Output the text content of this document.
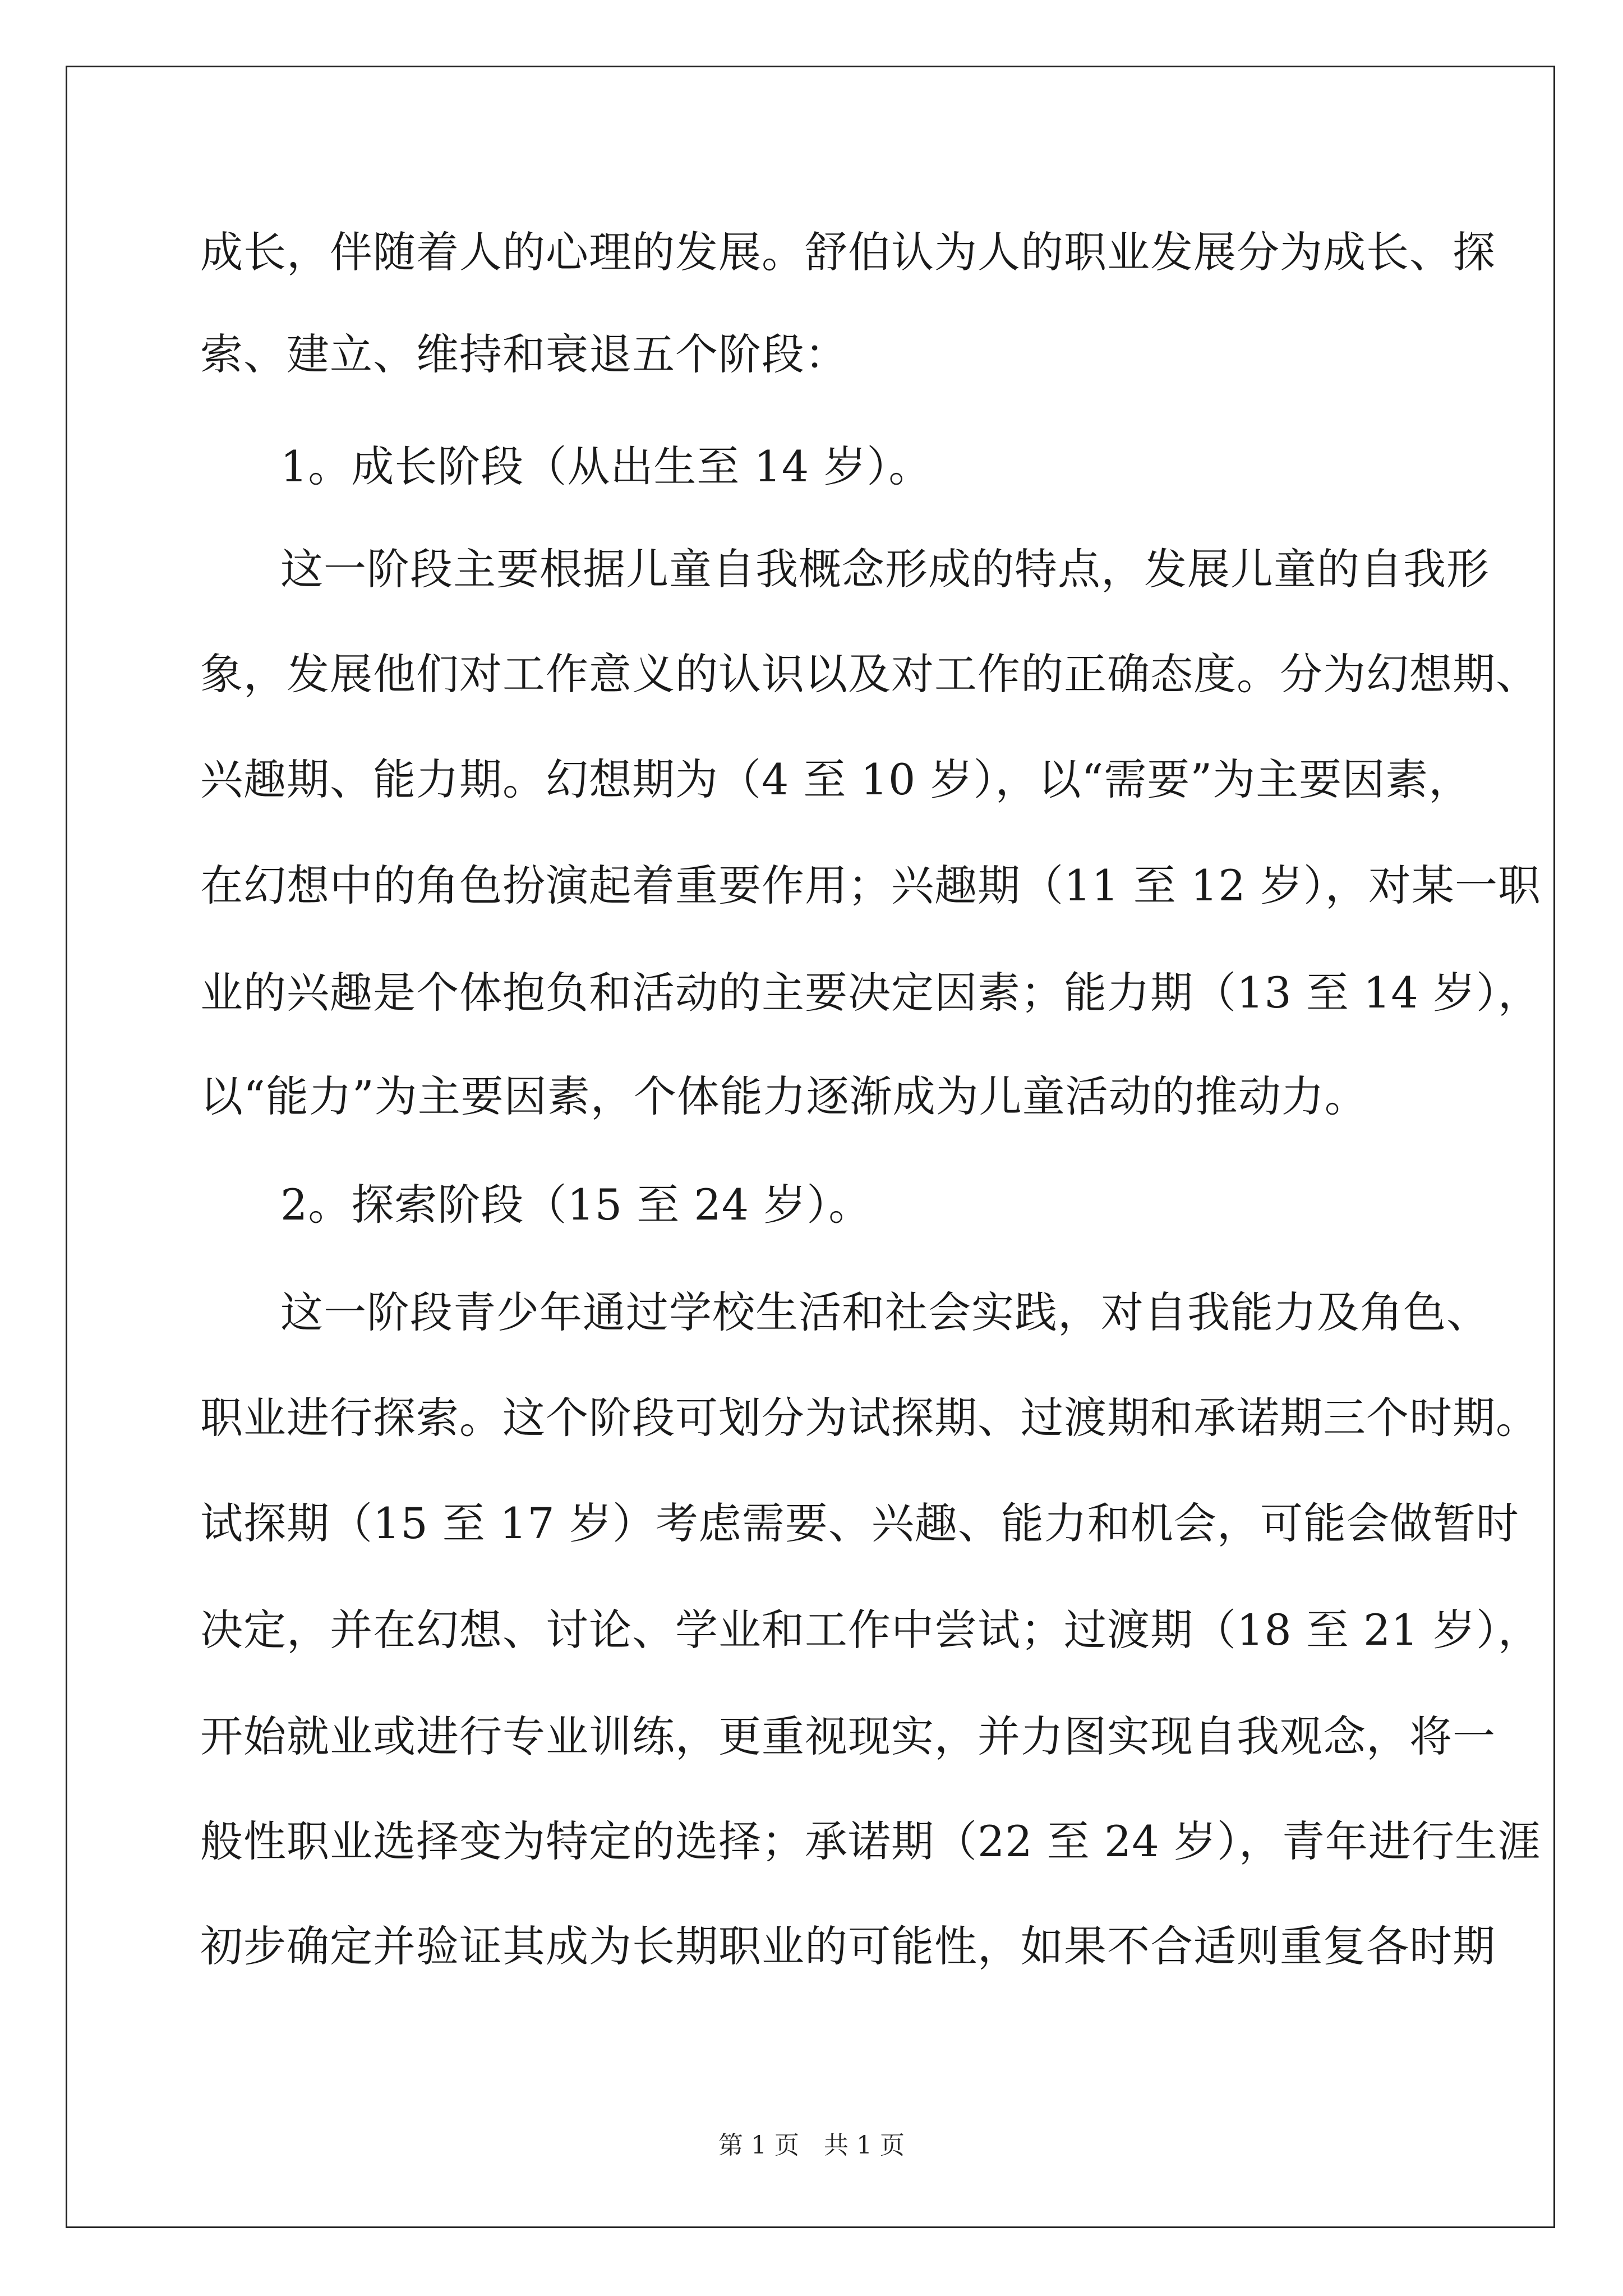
成长，伴随着人的心理的发展。舒伯认为人的职业发展分为成长、探
索、建立、维持和衰退五个阶段：
1。成长阶段（从出生至 14 岁）。
这一阶段主要根据儿童自我概念形成的特点，发展儿童的自我形
象，发展他们对工作意义的认识以及对工作的正确态度。分为幻想期、
兴趣期、能力期。幻想期为（4 至 10 岁），以“需要”为主要因素，
在幻想中的角色扮演起着重要作用；兴趣期（11 至 12 岁），对某一职
业的兴趣是个体抱负和活动的主要决定因素；能力期（13 至 14 岁），
以“能力”为主要因素，个体能力逐渐成为儿童活动的推动力。
2。探索阶段（15 至 24 岁）。
这一阶段青少年通过学校生活和社会实践，对自我能力及角色、
职业进行探索。这个阶段可划分为试探期、过渡期和承诺期三个时期。
试探期（15 至 17 岁）考虑需要、兴趣、能力和机会，可能会做暂时
决定，并在幻想、讨论、学业和工作中尝试；过渡期（18 至 21 岁），
开始就业或进行专业训练，更重视现实，并力图实现自我观念，将一
般性职业选择变为特定的选择；承诺期（22 至 24 岁），青年进行生涯
初步确定并验证其成为长期职业的可能性，如果不合适则重复各时期
第 1 页　共 1 页
